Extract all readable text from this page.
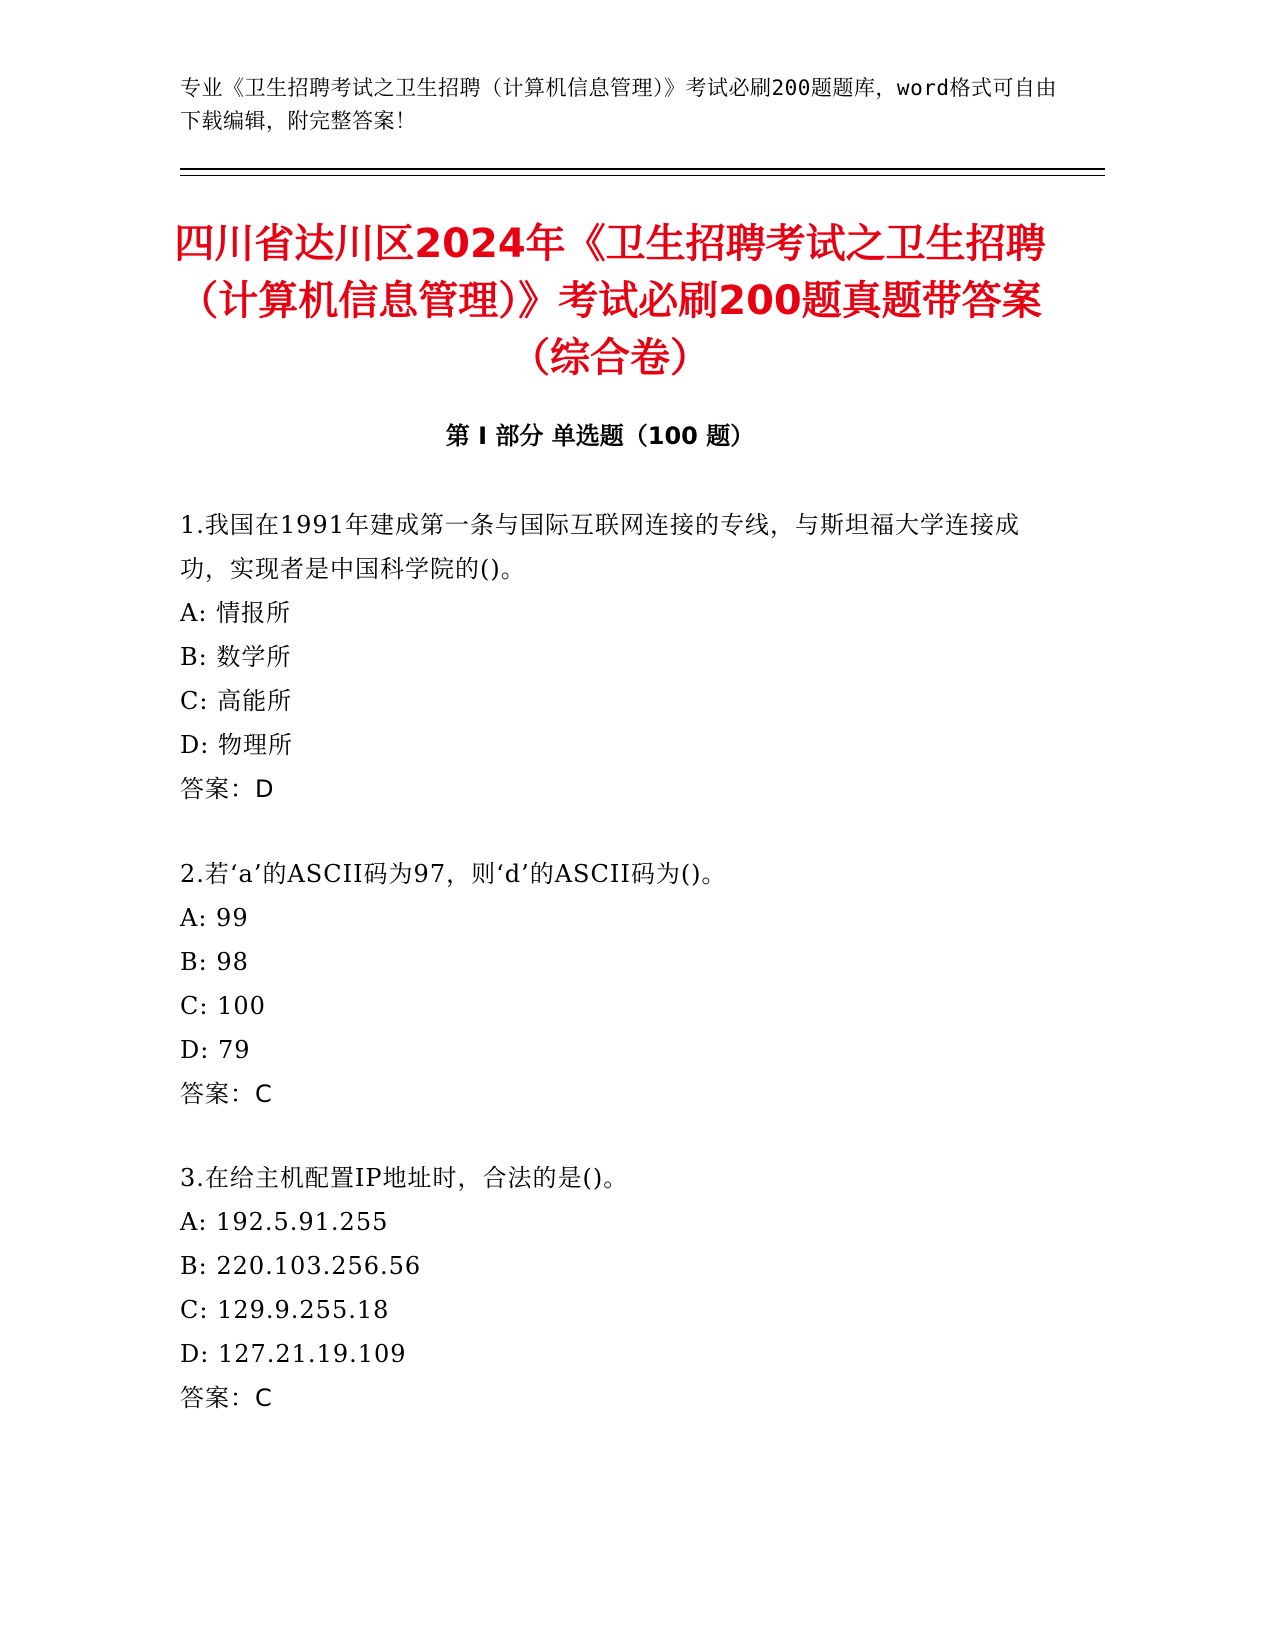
专业《卫生招聘考试之卫生招聘（计算机信息管理）》考试必刷200题题库，word格式可自由下载编辑，附完整答案！
四川省达川区2024年《卫生招聘考试之卫生招聘（计算机信息管理）》考试必刷200题真题带答案（综合卷）
第 I 部分 单选题（100 题）

1.我国在1991年建成第一条与国际互联网连接的专线，与斯坦福大学连接成功，实现者是中国科学院的()。

A: 情报所

B: 数学所

C: 高能所

D: 物理所

答案：D

2.若‘a’的ASCII码为97，则‘d’的ASCII码为()。

A: 99

B: 98

C: 100

D: 79

答案：C

3.在给主机配置IP地址时，合法的是()。

A: 192.5.91.255

B: 220.103.256.56

C: 129.9.255.18

D: 127.21.19.109

答案：C
